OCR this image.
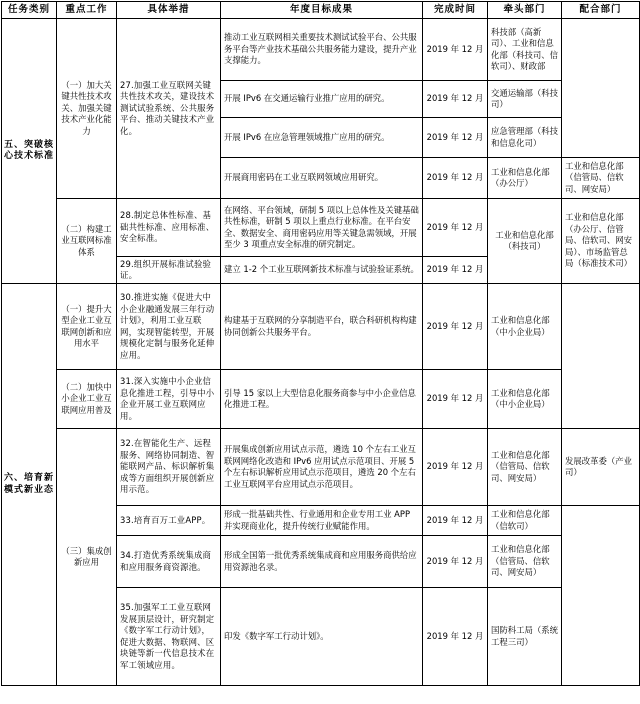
任务类别	重点工作	具体举措	年度目标成果	完成时间	牵头部门	配合部门
五、突破核心技术标准	（一）加大关键共性技术攻关、加强关键技术产业化能力	27.加强工业互联网关键共性技术攻关，建设技术测试试验系统、公共服务平台、推动关键技术产业化。	推动工业互联网相关重要技术测试试验平台、公共服务平台等产业技术基础公共服务能力建设，提升产业支撑能力。	2019 年 12 月	科技部（高新司）、工业和信息化部（科技司、信软司）、财政部	
			开展 IPv6 在交通运输行业推广应用的研究。	2019 年 12 月	交通运输部（科技司）	
			开展 IPv6 在应急管理领域推广应用的研究。	2019 年 12 月	应急管理部（科技和信息化司）	
			开展商用密码在工业互联网领域应用研究。	2019 年 12 月	工业和信息化部（办公厅）	工业和信息化部（信管局、信软司、网安局）
	（二）构建工业互联网标准体系	28.制定总体性标准、基础共性标准、应用标准、安全标准。	在网络、平台领域，研制 5 项以上总体性及关键基础共性标准，研制 5 项以上重点行业标准。在平台安全、数据安全、商用密码应用等关键急需领域，开展至少 3 项重点安全标准的研究制定。	2019 年 12 月	工业和信息化部（科技司）	工业和信息化部（办公厅、信管局、信软司、网安局）、市场监管总局（标准技术司）
		29.组织开展标准试验验证。	建立 1-2 个工业互联网新技术标准与试验验证系统。	2019 年 12 月		
六、培育新模式新业态	（一）提升大型企业工业互联网创新和应用水平	30.推进实施《促进大中小企业融通发展三年行动计划》，利用工业互联网，实现智能转型，开展规模化定制与服务化延伸应用。	构建基于互联网的分享制造平台，联合科研机构构建协同创新公共服务平台。	2019 年 12 月	工业和信息化部（中小企业局）	
	（二）加快中小企业工业互联网应用普及	31.深入实施中小企业信息化推进工程，引导中小企业开展工业互联网应用。	引导 15 家以上大型信息化服务商参与中小企业信息化推进工程。	2019 年 12 月	工业和信息化部（中小企业局）	
	（三）集成创新应用	32.在智能化生产、远程服务、网络协同制造、智能联网产品、标识解析集成等方面组织开展创新应用示范。	开展集成创新应用试点示范，遴选 10 个左右工业互联网网络化改造和 IPv6 应用试点示范项目、开展 5 个左右标识解析应用试点示范项目，遴选 20 个左右工业互联网平台应用试点示范项目。	2019 年 12 月	工业和信息化部（信管局、信软司、网安局）	发展改革委（产业司）
		33.培育百万工业APP。	形成一批基础共性、行业通用和企业专用工业 APP 并实现商业化，提升传统行业赋能作用。	2019 年 12 月	工业和信息化部（信软司）	
		34.打造优秀系统集成商和应用服务商资源池。	形成全国第一批优秀系统集成商和应用服务商供给应用资源池名录。	2019 年 12 月	工业和信息化部（信管局、信软司、网安局）	
		35.加强军工工业互联网发展顶层设计，研究制定《数字军工行动计划》，促进大数据、物联网、区块链等新一代信息技术在军工领域应用。	印发《数字军工行动计划》。	2019 年 12 月	国防科工局（系统工程三司）	
